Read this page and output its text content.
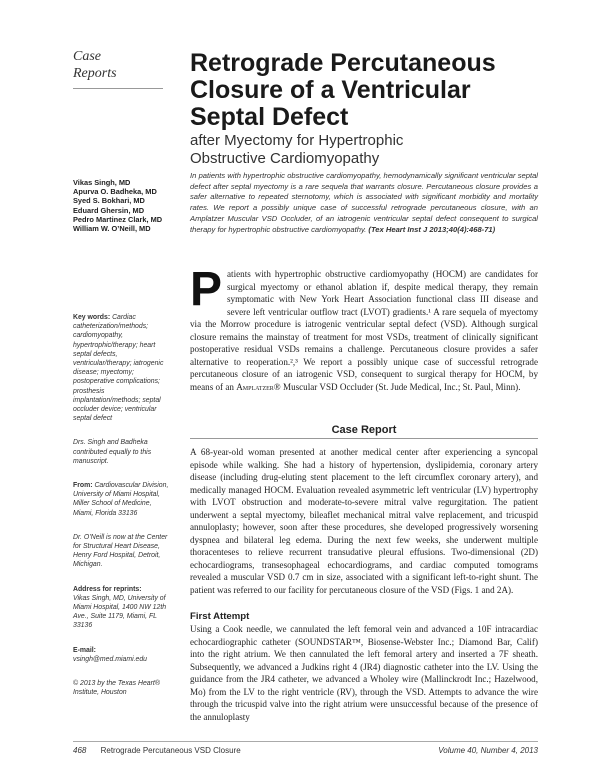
Case
Reports	Retrograde Percutaneous
Closure of a Ventricular
Septal Defect
after Myectomy for Hypertrophic
Obstructive Cardiomyopathy
Vikas Singh, MD
Apurva O. Badheka, MD
Syed S. Bokhari, MD
Eduard Ghersin, MD
Pedro Martinez Clark, MD
William W. O’Neill, MD
In patients with hypertrophic obstructive cardiomyopathy, hemodynamically significant ventricular septal defect after septal myectomy is a rare sequela that warrants closure. Percutaneous closure provides a safer alternative to repeated sternotomy, which is associated with significant morbidity and mortality rates. We report a possibly unique case of successful retrograde percutaneous closure, with an Amplatzer Muscular VSD Occluder, of an iatrogenic ventricular septal defect consequent to surgical therapy for hypertrophic obstructive cardiomyopathy. (Tex Heart Inst J 2013;40(4):468-71)
Key words: Cardiac catheterization/methods; cardiomyopathy, hypertrophic/therapy; heart septal defects, ventricular/therapy; iatrogenic disease; myectomy; postoperative complications; prosthesis implantation/methods; septal occluder device; ventricular septal defect
Drs. Singh and Badheka contributed equally to this manuscript.
From: Cardiovascular Division, University of Miami Hospital, Miller School of Medicine, Miami, Florida 33136
Dr. O’Neill is now at the Center for Structural Heart Disease, Henry Ford Hospital, Detroit, Michigan.
Address for reprints:
Vikas Singh, MD, University of Miami Hospital, 1400 NW 12th Ave., Suite 1179, Miami, FL 33136
E-mail:
vsingh@med.miami.edu
© 2013 by the Texas Heart® Institute, Houston
Patients with hypertrophic obstructive cardiomyopathy (HOCM) are candidates for surgical myectomy or ethanol ablation if, despite medical therapy, they remain symptomatic with New York Heart Association functional class III disease and severe left ventricular outflow tract (LVOT) gradients.¹ A rare sequela of myectomy via the Morrow procedure is iatrogenic ventricular septal defect (VSD). Although surgical closure remains the mainstay of treatment for most VSDs, treatment of clinically significant postoperative residual VSDs remains a challenge. Percutaneous closure provides a safer alternative to reoperation.²,³ We report a possibly unique case of successful retrograde percutaneous closure of an iatrogenic VSD, consequent to surgical therapy for HOCM, by means of an Amplatzer® Muscular VSD Occluder (St. Jude Medical, Inc.; St. Paul, Minn).
Case Report
A 68-year-old woman presented at another medical center after experiencing a syncopal episode while walking. She had a history of hypertension, dyslipidemia, coronary artery disease (including drug-eluting stent placement to the left circumflex coronary artery), and medically managed HOCM. Evaluation revealed asymmetric left ventricular (LV) hypertrophy with LVOT obstruction and moderate-to-severe mitral valve regurgitation. The patient underwent a septal myectomy, bileaflet mechanical mitral valve replacement, and tricuspid annuloplasty; however, soon after these procedures, she developed progressively worsening dyspnea and bilateral leg edema. During the next few weeks, she underwent multiple thoracenteses to relieve recurrent transudative pleural effusions. Two-dimensional (2D) echocardiograms, transesophageal echocardiograms, and cardiac computed tomograms revealed a muscular VSD 0.7 cm in size, associated with a significant left-to-right shunt. The patient was referred to our facility for percutaneous closure of the VSD (Figs. 1 and 2A).
First Attempt
Using a Cook needle, we cannulated the left femoral vein and advanced a 10F intracardiac echocardiographic catheter (SOUNDSTAR™, Biosense-Webster Inc.; Diamond Bar, Calif) into the right atrium. We then cannulated the left femoral artery and inserted a 7F sheath. Subsequently, we advanced a Judkins right 4 (JR4) diagnostic catheter into the LV. Using the guidance from the JR4 catheter, we advanced a Wholey wire (Mallinckrodt Inc.; Hazelwood, Mo) from the LV to the right ventricle (RV), through the VSD. Attempts to advance the wire through the tricuspid valve into the right atrium were unsuccessful because of the presence of the annuloplasty
468 Retrograde Percutaneous VSD Closure	Volume 40, Number 4, 2013
